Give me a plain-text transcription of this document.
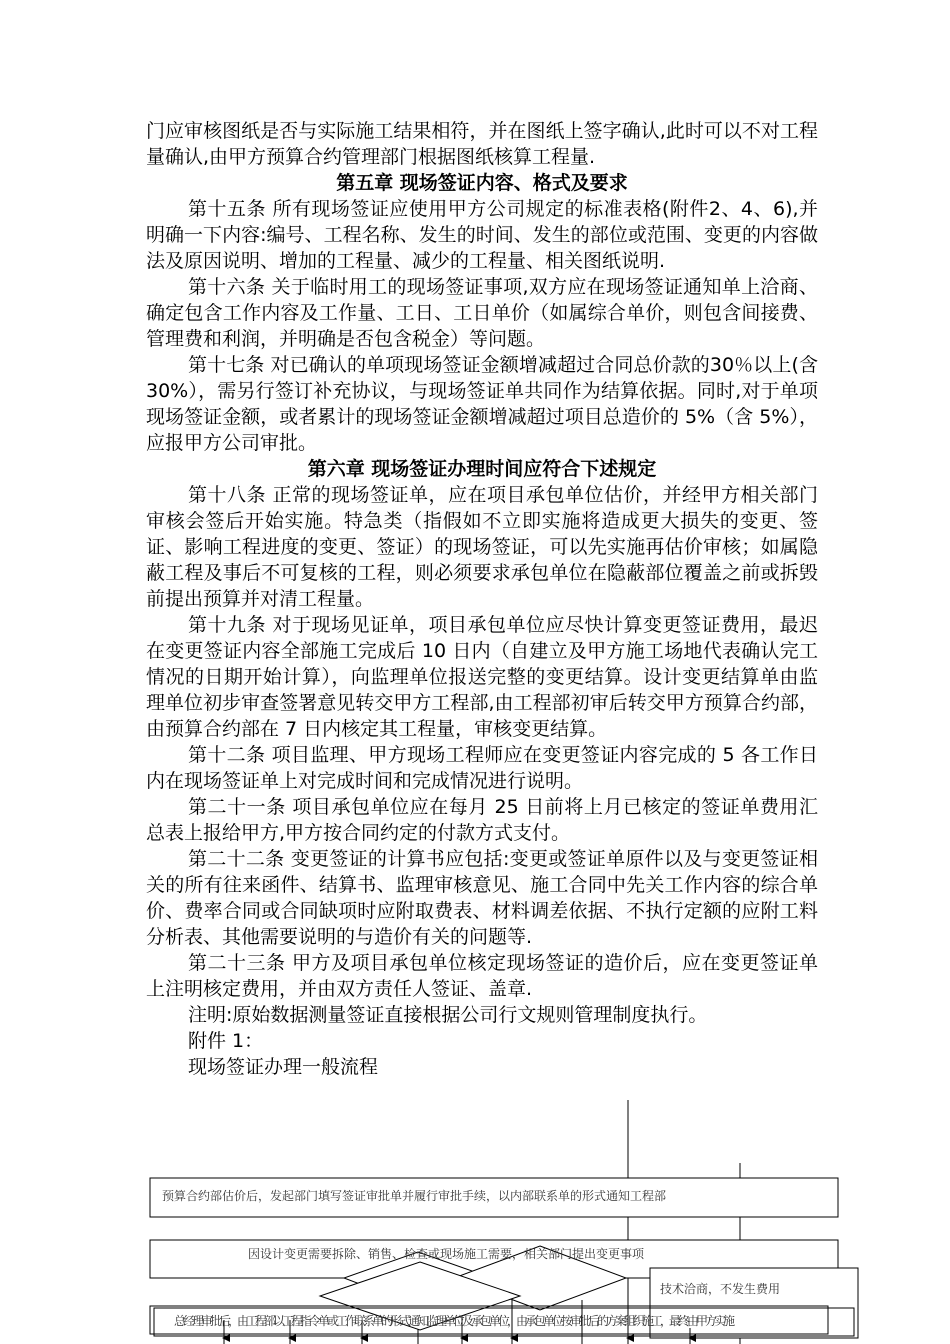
门应审核图纸是否与实际施工结果相符，并在图纸上签字确认,此时可以不对工程量确认,由甲方预算合约管理部门根据图纸核算工程量.

第五章 现场签证内容、格式及要求

第十五条 所有现场签证应使用甲方公司规定的标准表格(附件2、4、6),并明确一下内容:编号、工程名称、发生的时间、发生的部位或范围、变更的内容做法及原因说明、增加的工程量、减少的工程量、相关图纸说明.

第十六条 关于临时用工的现场签证事项,双方应在现场签证通知单上洽商、确定包含工作内容及工作量、工日、工日单价（如属综合单价，则包含间接费、管理费和利润，并明确是否包含税金）等问题。

第十七条 对已确认的单项现场签证金额增减超过合同总价款的30％以上(含 30%），需另行签订补充协议，与现场签证单共同作为结算依据。同时,对于单项现场签证金额，或者累计的现场签证金额增减超过项目总造价的 5%（含 5%），应报甲方公司审批。

第六章 现场签证办理时间应符合下述规定

第十八条 正常的现场签证单，应在项目承包单位估价，并经甲方相关部门审核会签后开始实施。特急类（指假如不立即实施将造成更大损失的变更、签证、影响工程进度的变更、签证）的现场签证，可以先实施再估价审核；如属隐蔽工程及事后不可复核的工程，则必须要求承包单位在隐蔽部位覆盖之前或拆毁前提出预算并对清工程量。

第十九条 对于现场见证单，项目承包单位应尽快计算变更签证费用，最迟在变更签证内容全部施工完成后 10 日内（自建立及甲方施工场地代表确认完工情况的日期开始计算），向监理单位报送完整的变更结算。设计变更结算单由监理单位初步审查签署意见转交甲方工程部,由工程部初审后转交甲方预算合约部，由预算合约部在 7 日内核定其工程量，审核变更结算。

第十二条 项目监理、甲方现场工程师应在变更签证内容完成的 5 各工作日内在现场签证单上对完成时间和完成情况进行说明。

第二十一条 项目承包单位应在每月 25 日前将上月已核定的签证单费用汇总表上报给甲方,甲方按合同约定的付款方式支付。

第二十二条 变更签证的计算书应包括:变更或签证单原件以及与变更签证相关的所有往来函件、结算书、监理审核意见、施工合同中先关工作内容的综合单价、费率合同或合同缺项时应附取费表、材料调差依据、不执行定额的应附工料分析表、其他需要说明的与造价有关的问题等.

第二十三条 甲方及项目承包单位核定现场签证的造价后，应在变更签证单上注明核定费用，并由双方责任人签证、盖章.

注明:原始数据测量签证直接根据公司行文规则管理制度执行。

附件 1：

现场签证办理一般流程

预算合约部估价后，发起部门填写签证审批单并履行审批手续，以内部联系单的形式通知工程部
因设计变更需要拆除、销售、检查或现场施工需要，相关部门提出变更事项
技术洽商，不发生费用
总经理审批后，由工程部以工程指令单或工作联系单的形式通知监理单位及承包单位，由承包单位按审批后的方案组织施工，最终由甲方实施
